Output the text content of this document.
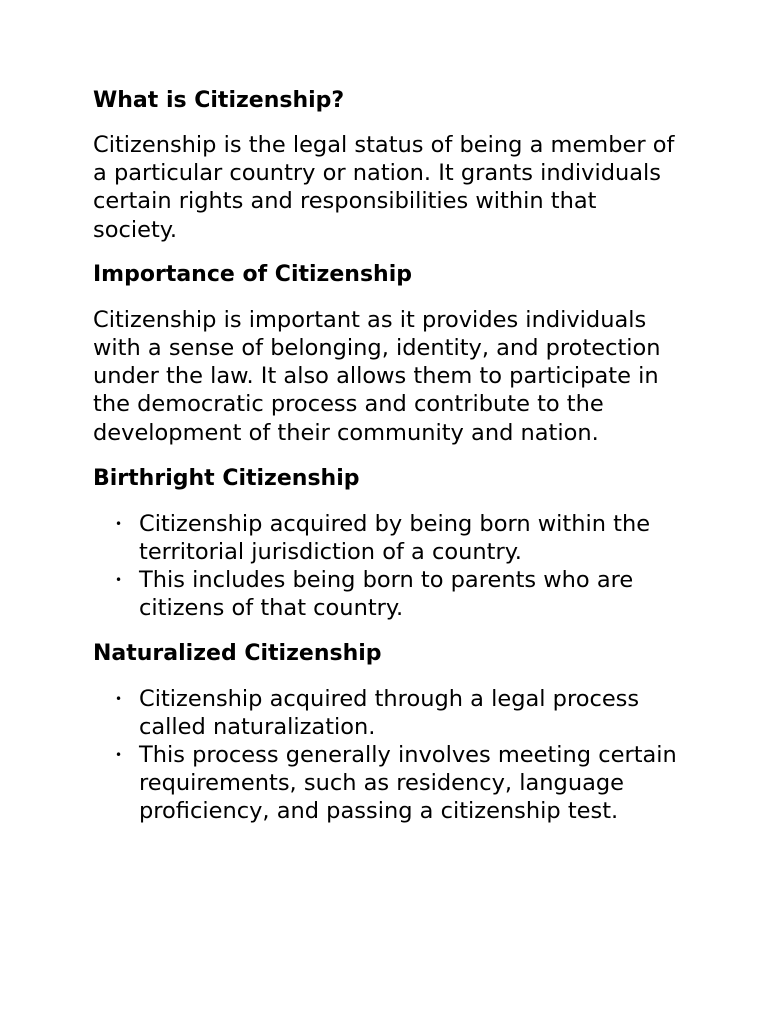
What is Citizenship?

Citizenship is the legal status of being a member of a particular country or nation. It grants individuals certain rights and responsibilities within that society.

Importance of Citizenship

Citizenship is important as it provides individuals with a sense of belonging, identity, and protection under the law. It also allows them to participate in the democratic process and contribute to the development of their community and nation.

Birthright Citizenship
• Citizenship acquired by being born within the territorial jurisdiction of a country.
• This includes being born to parents who are citizens of that country.
Naturalized Citizenship
• Citizenship acquired through a legal process called naturalization.
• This process generally involves meeting certain requirements, such as residency, language proficiency, and passing a citizenship test.
